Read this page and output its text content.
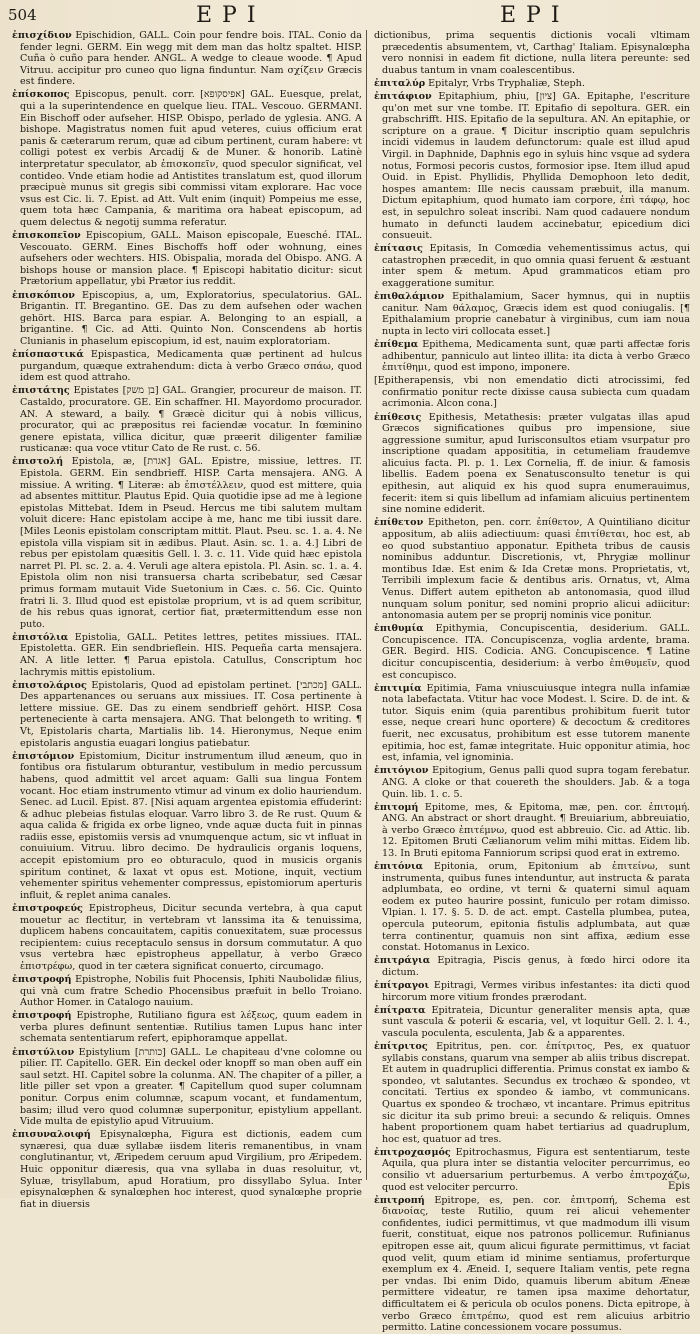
504	EPI	EPI

ἐπισχίδιον Epischidion, GALL. Coin pour fendre bois. ITAL. Conio da fender legni. GERM. Ein wegg mit dem man das holtz spaltet. HISP. Cuña ò cuño para hender. ANGL. A wedge to cleaue woode. ¶ Apud Vitruu. accipitur pro cuneo quo ligna finduntur. Nam σχίζειν Græcis est findere.

ἐπίσκοπος Episcopus, penult. corr. [אפיסקופא] GAL. Euesque, prelat, qui a la superintendence en quelque lieu. ITAL. Vescouo. GERMANI. Ein Bischoff oder aufseher. HISP. Obispo, perlado de yglesia. ANG. A bishope. Magistratus nomen fuit apud veteres, cuius officium erat panis & cæterarum rerum, quæ ad cibum pertinent, curam habere: vt colligi potest ex verbis Arcadij & de Muner. & honorib. Latinè interpretatur speculator, ab ἐπισκοπεῖν, quod speculor significat, vel contideo. Vnde etiam hodie ad Antistites translatum est, quod illorum præcipuè munus sit gregis sibi commissi vitam explorare. Hac voce vsus est Cic. li. 7. Epist. ad Att. Vult enim (inquit) Pompeius me esse, quem tota hæc Campania, & maritima ora habeat episcopum, ad quem delectus & negotij summa referatur.

ἐπισκοπεῖον Episcopium, GALL. Maison episcopale, Euesché. ITAL. Vescouato. GERM. Eines Bischoffs hoff oder wohnung, eines aufsehers oder wechters. HIS. Obispalia, morada del Obispo. ANG. A bishops house or mansion place. ¶ Episcopi habitatio dicitur: sicut Prætorium appellatur, ybi Prætor ius reddit.

ἐπισκόπιον Episcopius, a, um, Exploratorius, speculatorius. GAL. Brigantin. IT. Bregantino. GE. Das zu dem aufsehen oder wachen gehört. HIS. Barca para espiar. A. Belonging to an espiall, a brigantine. ¶ Cic. ad Atti. Quinto Non. Conscendens ab hortis Clunianis in phaselum episcopium, id est, nauim exploratoriam.

ἐπίσπαστικά Epispastica, Medicamenta quæ pertinent ad hulcus purgandum, quæque extrahendum: dicta à verbo Græco σπάω, quod idem est quod attraho.

ἐπιστάτης Epistates [בן משק] GAL. Grangier, procureur de maison. IT. Castaldo, procuratore. GE. Ein schaffner. HI. Mayordomo procurador. AN. A steward, a baily. ¶ Græcè dicitur qui à nobis villicus, procurator, qui ac præpositus rei faciendæ vocatur. In fœminino genere epistata, villica dicitur, quæ præerit diligenter familiæ rusticanæ: qua voce vtitur Cato de Re rust. c. 56.

ἐπιστολή Epistola, æ, [אגרת] GAL. Epistre, missiue, lettres. IT. Epistola. GERM. Ein sendbrieff. HISP. Carta mensajera. ANG. A missiue. A writing. ¶ Literæ: ab ἐπιστέλλειν, quod est mittere, quia ad absentes mittitur. Plautus Epid. Quia quotidie ipse ad me à legione epistolas Mittebat. Idem in Pseud. Hercus me tibi salutem multam voluit dicere: Hanc epistolam accipe à me, hanc me tibi iussit dare. [Miles Leonis epistolam conscriptam mittit. Plaut. Pseu. sc. 1. a. 4. Ne epistola villa vispiam sit in ædibus. Plaut. Asin. sc. 1. a. 4.] Libri de rebus per epistolam quæsitis Gell. l. 3. c. 11. Vide quid hæc epistola narret Pl. Pl. sc. 2. a. 4. Veruli age altera epistola. Pl. Asin. sc. 1. a. 4. Epistola olim non nisi transuersa charta scribebatur, sed Cæsar primus formam mutauit Vide Suetonium in Cæs. c. 56. Cic. Quinto fratri li. 3. Illud quod est epistolæ proprium, vt is ad quem scribitur, de his rebus quas ignorat, certior fiat, prætermittendum esse non puto.

ἐπιστόλια Epistolia, GALL. Petites lettres, petites missiues. ITAL. Epistoletta. GER. Ein sendbrieflein. HIS. Pequeña carta mensajera. AN. A litle letter. ¶ Parua epistola. Catullus, Conscriptum hoc lachrymis mittis epistolium.

ἐπιστολάριος Epistolaris, Quod ad epistolam pertinet. [מכתבי] GALL. Des appartenances ou seruans aux missiues. IT. Cosa pertinente à lettere missiue. GE. Das zu einem sendbrieff gehört. HISP. Cosa perteneciente à carta mensajera. ANG. That belongeth to writing. ¶ Vt, Epistolaris charta, Martialis lib. 14. Hieronymus, Neque enim epistolaris angustia euagari longius patiebatur.

ἐπιστόμιον Epistomium, Dicitur instrumentum illud æneum, quo in fontibus ora fistularum obturantur, vestibulum in medio percussum habens, quod admittit vel arcet aquam: Galli sua lingua Fontem vocant. Hoc etiam instrumento vtimur ad vinum ex dolio hauriendum. Senec. ad Lucil. Epist. 87. [Nisi aquam argentea epistomia effuderint: & adhuc plebeias fistulas eloquar. Varro libro 3. de Re rust. Quum & aqua calida & frigida ex orbe ligneo, vnde aquæ ducta fuit in pinnas radiis esse, epistomiis versis ad vnumquenque actum, sic vt influat in conuiuium. Vitruu. libro decimo. De hydraulicis organis loquens, accepit epistomium pro eo obturaculo, quod in musicis organis spiritum continet, & laxat vt opus est. Motione, inquit, vectium vehementer spiritus vehementer compressus, epistomiorum aperturis influit, & replet anima canales.

ἐπιστροφεύς Epistropheus, Dicitur secunda vertebra, à qua caput mouetur ac flectitur, in vertebram vt lanssima ita & tenuissima, duplicem habens concauitatem, capitis conuexitatem, suæ processus recipientem: cuius receptaculo sensus in dorsum commutatur. A quo vsus vertebra hæc epistropheus appellatur, à verbo Græco ἐπιστρέφω, quod in ter cætera significat conuerto, circumago.

ἐπιστροφή Epistrophe, Nobilis fuit Phocensis, Iphiti Naubolidæ filius, qui vnà cum fratre Schedio Phocensibus præfuit in bello Troiano. Author Homer. in Catalogo nauium.

ἐπιστροφή Epistrophe, Rutiliano figura est λέξεως, quum eadem in verba plures definunt sententiæ. Rutilius tamen Lupus hanc inter schemata sententiarum refert, epiphoramque appellat.

ἐπιστύλιον Epistylium [כותרת] GALL. Le chapiteau d'vne colomne ou pilier. IT. Capitello. GER. Ein deckel oder knopff so man oben auff ein saul setzt. HI. Capitel sobre la colunma. AN. The chapiter of a piller, a litle piller set vpon a greater. ¶ Capitellum quod super columnam ponitur. Corpus enim columnæ, scapum vocant, et fundamentum, basim; illud vero quod columnæ superponitur, epistylium appellant. Vide multa de epistylio apud Vitruuium.

ἐπισυναλοιφή Episynalœpha, Figura est dictionis, eadem cum synæresi, qua duæ syllabæ iisdem literis remanentibus, in vnam conglutinantur, vt, Æripedem ceruum apud Virgilium, pro Æripedem. Huic opponitur diæresis, qua vna syllaba in duas resoluitur, vt, Syluæ, trisyllabum, apud Horatium, pro dissyllabo Sylua. Inter episynalœphen & synalœphen hoc interest, quod synalœphe proprie fiat in diuersis

dictionibus, prima sequentis dictionis vocali vltimam præcedentis absumentem, vt, Carthag' Italiam. Episynalœpha vero nonnisi in eadem fit dictione, nulla litera pereunte: sed duabus tantum in vnam coalescentibus.

ἐπιταλύρ Epitalyr, Vrbs Tryphaliæ, Steph.

ἐπιτάφιον Epitaphium, phiu, [ציון] GA. Epitaphe, l'escriture qu'on met sur vne tombe. IT. Epitafio di sepoltura. GER. ein grabschrifft. HIS. Epitafio de la sepultura. AN. An epitaphie, or scripture on a graue. ¶ Dicitur inscriptio quam sepulchris incidi videmus in laudem defunctorum: quale est illud apud Virgil. in Daphnide, Daphnis ego in syluis hinc vsque ad sydera notus, Formosi pecoris custos, formosior ipse. Item illud apud Ouid. in Epist. Phyllidis, Phyllida Demophoon leto dedit, hospes amantem: Ille necis caussam præbuit, illa manum. Dictum epitaphium, quod humato iam corpore, ἐπὶ τάφῳ, hoc est, in sepulchro soleat inscribi. Nam quod cadauere nondum humato in defuncti laudem accinebatur, epicedium dici consueuit.

ἐπίτασις Epitasis, In Comœdia vehementissimus actus, qui catastrophen præcedit, in quo omnia quasi feruent & æstuant inter spem & metum. Apud grammaticos etiam pro exaggeratione sumitur.

ἐπιθαλάμιον Epithalamium, Sacer hymnus, qui in nuptiis canitur. Nam θάλαμος, Græcis idem est quod coniugalis. [¶ Epithalamium proprie canebatur à virginibus, cum iam noua nupta in lecto viri collocata esset.]

ἐπίθεμα Epithema, Medicamenta sunt, quæ parti affectæ foris adhibentur, panniculo aut linteo illita: ita dicta à verbo Græco ἐπιτίθημι, quod est impono, imponere.

[Epitherapensis, vbi non emendatio dicti atrocissimi, fed confirmatio ponitur recte dixisse causa subiecta cum quadam acrimonia. Alcon cona.]

ἐπίθεσις Epithesis, Metathesis: præter vulgatas illas apud Græcos significationes quibus pro impensione, siue aggressione sumitur, apud Iurisconsultos etiam vsurpatur pro inscriptione quadam apposititia, in cetumeliam fraudemve alicuius facta. Pl. p. 1. Lex Cornelia, ff. de iniur. & famosis libellis. Eadem poena ex Senatusconsulto tenetur is qui epithesin, aut aliquid ex his quod supra enumerauimus, fecerit: item si quis libellum ad infamiam alicuius pertinentem sine nomine ediderit.

ἐπίθετον Epitheton, pen. corr. ἐπίθετον, A Quintiliano dicitur appositum, ab aliis adiectiuum: quasi ἐπιτίθεται, hoc est, ab eo quod substantiuo apponatur. Epitheta tribus de causis nominibus adduntur. Discretionis, vt, Phrygiæ mollinur montibus Idæ. Est enim & Ida Cretæ mons. Proprietatis, vt, Terribili implexum facie & dentibus aris. Ornatus, vt, Alma Venus. Differt autem epitheton ab antonomasia, quod illud nunquam solum ponitur, sed nomini proprio alicui adiicitur: antonomasia autem per se proprij nominis vice ponitur.

ἐπιθυμία Epithymia, Concupiscentia, desiderium. GALL. Concupiscence. ITA. Concupiscenza, voglia ardente, brama. GER. Begird. HIS. Codicia. ANG. Concupiscence. ¶ Latine dicitur concupiscentia, desiderium: à verbo ἐπιθυμεῖν, quod est concupisco.

ἐπιτιμία Epitimia, Fama vniuscuiusque integra nulla infamiæ nota labefactata. Vtitur hac voce Modest. l. Scire. D. de int. & tutor. Siquis enim (quia parentibus prohibitum fuerit tutor esse, neque creari hunc oportere) & decoctum & creditores fuerit, nec excusatus, prohibitum est esse tutorem manente epitimia, hoc est, famæ integritate. Huic opponitur atimia, hoc est, infamia, vel ignominia.

ἐπιτόγιον Epitogium, Genus palli quod supra togam ferebatur. ANG. A cloke or that couereth the shoulders. Jab. & a toga Quin. lib. 1. c. 5.

ἐπιτομή Epitome, mes, & Epitoma, mæ, pen. cor. ἐπιτομή. ANG. An abstract or short draught. ¶ Breuiarium, abbreuiatio, à verbo Græco ἐπιτέμνω, quod est abbreuio. Cic. ad Attic. lib. 12. Epitomen Bruti Cælianorum velim mihi mittas. Eidem lib. 13. In Bruti epitoma Fanniorum scripsi quod erat in extremo.

ἐπιτόνια Epitonia, orum, Epitonium ab ἐπιτείνω, sunt instrumenta, quibus funes intenduntur, aut instructa & parata adplumbata, eo ordine, vt terni & quaterni simul aquam eodem ex puteo haurire possint, funiculo per rotam dimisso. Vlpian. l. 17. §. 5. D. de act. empt. Castella plumbea, putea, opercula puteorum, epitonia fistulis adplumbata, aut quæ terra continentur, quamuis non sint affixa, ædium esse constat. Hotomanus in Lexico.

ἐπιτράγια Epitragia, Piscis genus, à fœdo hirci odore ita dictum.

ἐπίτραγοι Epitragi, Vermes viribus infestantes: ita dicti quod hircorum more vitium frondes prærodant.

ἐπίτρατα Epitrateia, Dicuntur generaliter mensis apta, quæ sunt vascula & poterii & escaria, vel, vt loquitur Gell. 2. l. 4., vascula poculenta, esculenta, Jab & a apparentes.

ἐπίτριτος Epitritus, pen. cor. ἐπίτριτος, Pes, ex quatuor syllabis constans, quarum vna semper ab aliis tribus discrepat. Et autem in quadruplici differentia. Primus constat ex iambo & spondeo, vt salutantes. Secundus ex trochæo & spondeo, vt concitati. Tertius ex spondeo & iambo, vt communicans. Quartus ex spondeo & trochæo, vt incantare. Primus epitritus sic dicitur ita sub primo breui: a secundo & reliquis. Omnes habent proportionem quam habet tertiarius ad quadruplum, hoc est, quatuor ad tres.

ἐπιτροχασμός Epitrochasmus, Figura est sententiarum, teste Aquila, qua plura inter se distantia velociter percurrimus, eo consilio vt aduersarium perturbemus. A verbo ἐπιτροχάζω, quod est velociter percurro.

ἐπιτροπή Epitrope, es, pen. cor. ἐπιτροπή, Schema est διανοίας, teste Rutilio, quum rei alicui vehementer confidentes, iudici permittimus, vt que madmodum illi visum fuerit, constituat, eique nos patronos pollicemur. Rufinianus epitropen esse ait, quum alicui figurate permittimus, vt faciat quod velit, quum etiam id minime sentiamus, proferturque exemplum ex 4. Æneid. I, sequere Italiam ventis, pete regna per vndas. Ibi enim Dido, quamuis liberum abitum Æneæ permittere videatur, re tamen ipsa maxime dehortatur, difficultatem ei & pericula ob oculos ponens. Dicta epitrope, à verbo Græco ἐπιτρέπω, quod est rem alicuius arbitrio permitto. Latine concessionem vocare possumus.

Epis
